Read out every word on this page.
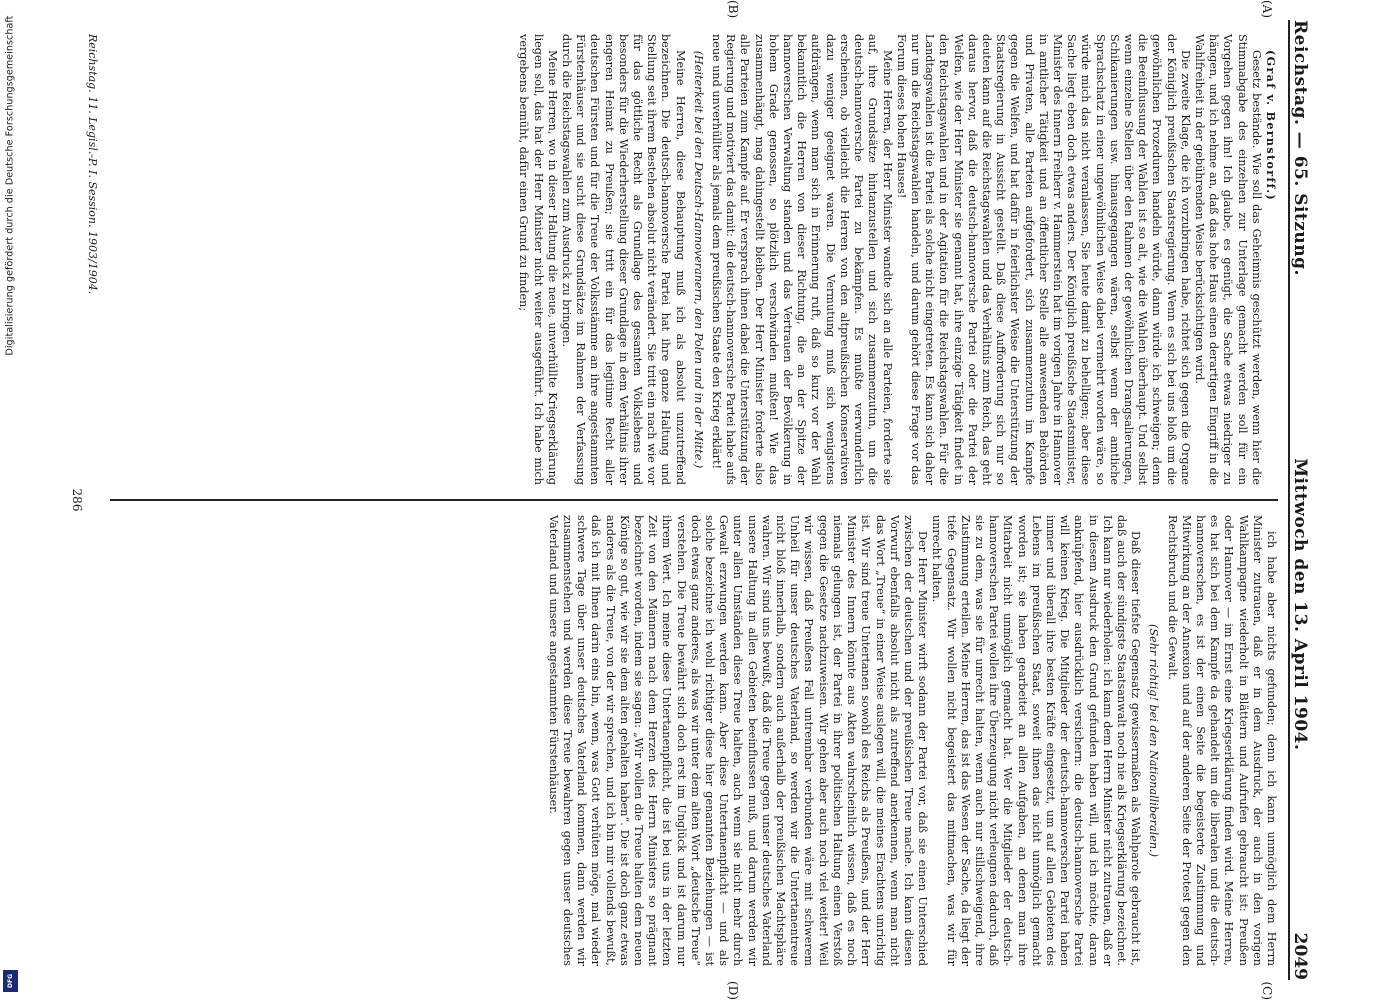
Digitalisierung gefördert durch die Deutsche Forschungsgemeinschaft
DFG
Reichstag. — 65. Sitzung.
Mittwoch den 13. April 1904.
2049
(A)
(B)
(C)
(D)

(Graf v. Bernstorff.)

Gesetz bestände. Wie soll das Geheimnis geschützt werden, wenn hier die Stimmabgabe des einzelnen zur Unterlage gemacht werden soll für ein Vorgehen gegen ihn! Ich glaube, es genügt, die Sache etwas niedriger zu hängen, und ich nehme an, daß das hohe Haus einen derartigen Eingriff in die Wahlfreiheit in der gebührenden Weise berücksichtigen wird.

Die zweite Klage, die ich vorzubringen habe, richtet sich gegen die Organe der Königlich preußischen Staatsregierung. Wenn es sich bei uns bloß um die gewöhnlichen Prozeduren handeln würde, dann würde ich schweigen; denn die Beeinflussung der Wahlen ist so alt, wie die Wahlen überhaupt. Und selbst wenn einzelne Stellen über den Rahmen der gewöhnlichen Drangsalierungen, Schikanierungen usw. hinausgegangen wären, selbst wenn der amtliche Sprachschatz in einer ungewöhnlichen Weise dabei vermehrt worden wäre, so würde mich das nicht veranlassen, Sie heute damit zu behelligen; aber diese Sache liegt eben doch etwas anders. Der Königlich preußische Staatsminister, Minister des Innern Freiherr v. Hammerstein hat im vorigen Jahre in Hannover in amtlicher Tätigkeit und an öffentlicher Stelle alle anwesenden Behörden und Privaten, alle Parteien aufgefordert, sich zusammenzutun im Kampfe gegen die Welfen, und hat dafür in feierlichster Weise die Unterstützung der Staatsregierung in Aussicht gestellt. Daß diese Aufforderung sich nur so deuten kann auf die Reichstagswahlen und das Verhältnis zum Reich, das geht daraus hervor, daß die deutsch-hannoversche Partei oder die Partei der Welfen, wie der Herr Minister sie genannt hat, ihre einzige Tätigkeit findet in den Reichstagswahlen und in der Agitation für die Reichstagswahlen. Für die Landtagswahlen ist die Partei als solche nicht eingetreten. Es kann sich daher nur um die Reichstagswahlen handeln, und darum gehört diese Frage vor das Forum dieses hohen Hauses!

Meine Herren, der Herr Minister wandte sich an alle Parteien, forderte sie auf, ihre Grundsätze hintanzustellen und sich zusammenzutun, um die deutsch-hannoversche Partei zu bekämpfen. Es mußte verwunderlich erscheinen, ob vielleicht die Herren von den altpreußischen Konservativen dazu weniger geeignet waren. Die Vermutung muß sich wenigstens aufdrängen, wenn man sich in Erinnerung ruft, daß so kurz vor der Wahl bekanntlich die Herren von dieser Richtung, die an der Spitze der hannoverschen Verwaltung standen und das Vertrauen der Bevölkerung in hohem Grade genossen, so plötzlich verschwinden mußten! Wie das zusammenhängt, mag dahingestellt bleiben. Der Herr Minister forderte also alle Parteien zum Kampfe auf. Er versprach ihnen dabei die Unterstützung der Regierung und motiviert das damit: die deutsch-hannoversche Partei habe aufs neue und unverhüllter als jemals dem preußischen Staate den Krieg erklärt!

(Heiterkeit bei den Deutsch-Hannoveranern, den Polen und in der Mitte.)

Meine Herren, diese Behauptung muß ich als absolut unzutreffend bezeichnen. Die deutsch-hannoversche Partei hat ihre ganze Haltung und Stellung seit ihrem Bestehen absolut nicht verändert. Sie tritt ein nach wie vor für das göttliche Recht als Grundlage des gesamten Volkslebens und besonders für die Wiederherstellung dieser Grundlage in dem Verhältnis ihrer engeren Heimat zu Preußen; sie tritt ein für das legitime Recht aller deutschen Fürsten und für die Treue der Volksstämme an ihre angestammten Fürstenhäuser und sie sucht diese Grundsätze im Rahmen der Verfassung durch die Reichstagswahlen zum Ausdruck zu bringen.

Meine Herren, wo in dieser Haltung die neue, unverhüllte Kriegserklärung liegen soll, das hat der Herr Minister nicht weiter ausgeführt. Ich habe mich vergebens bemüht, dafür einen Grund zu finden;

ich habe aber nichts gefunden; denn ich kann unmöglich dem Herrn Minister zutrauen, daß er in dem Ausdruck, der auch in den vorigen Wahlkampagne wiederholt in Blättern und Aufrufen gebraucht ist: Preußen oder Hannover — im Ernst eine Kriegserklärung finden wird. Meine Herren, es hat sich bei dem Kampfe da gehandelt um die liberalen und die deutsch-hannoverschen, es ist der einen Seite die begeisterte Zustimmung und Mitwirkung an der Annexion und auf der anderen Seite der Protest gegen den Rechtsbruch und die Gewalt.

(Sehr richtig! bei den Nationalliberalen.)

Daß dieser tiefste Gegensatz gewissermaßen als Wahlparole gebraucht ist, daß auch der sündigste Staatsanwalt noch nie als Kriegserklärung bezeichnet. Ich kann nur wiederholen: ich kann dem Herrn Minister nicht zutrauen, daß er in diesem Ausdruck den Grund gefunden haben will, und ich möchte, daran anknüpfend, hier ausdrücklich versichern: die deutsch-hannoversche Partei will keinen Krieg. Die Mitglieder der deutsch-hannoverschen Partei haben immer und überall ihre besten Kräfte eingesetzt, um auf allen Gebieten des Lebens im preußischen Staat, soweit ihnen das nicht unmöglich gemacht worden ist; sie haben gearbeitet an allen Aufgaben, an denen man ihre Mitarbeit nicht unmöglich gemacht hat. Wer die Mitglieder der deutsch-hannoverschen Partei wollen ihre Überzeugung nicht verleugnen dadurch, daß sie zu dem, was sie für unrecht halten, wenn auch nur stillschweigend, ihre Zustimmung erteilen. Meine Herren, das ist das Wesen der Sache, da liegt der tiefe Gegensatz. Wir wollen nicht begeistert das mitmachen, was wir für unrecht halten.

Der Herr Minister wirft sodann der Partei vor, daß sie einen Unterschied zwischen der deutschen und der preußischen Treue mache. Ich kann diesen Vorwurf ebenfalls absolut nicht als zutreffend anerkennen, wenn man nicht das Wort „Treue“ in einer Weise auslegen will, die meines Erachtens unrichtig ist. Wir sind treue Untertanen sowohl des Reichs als Preußens, und der Herr Minister des Innern könnte aus Akten wahrscheinlich wissen, daß es noch niemals gelungen ist, der Partei in ihrer politischen Haltung einen Verstoß gegen die Gesetze nachzuweisen. Wir gehen aber auch noch viel weiter! Weil wir wissen, daß Preußens Fall untrennbar verbunden wäre mit schwerem Unheil für unser deutsches Vaterland, so werden wir die Untertanentreue nicht bloß innerhalb, sondern auch außerhalb der preußischen Machtsphäre wahren. Wir sind uns bewußt, daß die Treue gegen unser deutsches Vaterland unsere Haltung in allen Gebieten beeinflussen muß, und darum werden wir unter allen Umständen diese Treue halten, auch wenn sie nicht mehr durch Gewalt erzwungen werden kann. Aber diese Untertanenpflicht — und als solche bezeichne ich wohl richtiger diese hier genannten Beziehungen — ist doch etwas ganz anderes, als was wir unter dem alten Wort „deutsche Treue“ verstehen. Die Treue bewährt sich doch erst im Unglück und ist darum nur ihrem Wert. Ich meine diese Untertanenpflicht, die ist bei uns in der letzten Zeit von den Männern nach dem Herzen des Herrn Ministers so prägnant bezeichnet worden, indem sie sagen: „Wir wollen die Treue halten dem neuen Könige so gut, wie wir sie dem alten gehalten haben“. Die ist doch ganz etwas anderes als die Treue, von der wir sprechen, und ich bin mir vollends bewußt, daß ich mit Ihnen darin eins bin, wenn, was Gott verhüten möge, mal wieder schwere Tage über unser deutsches Vaterland kommen, dann werden wir zusammenstehen und werden diese Treue bewahren gegen unser deutsches Vaterland und unsere angestammten Fürstenhäuser.

Reichstag. 11. Legisl.-P. I. Session. 1903/1904.
286
